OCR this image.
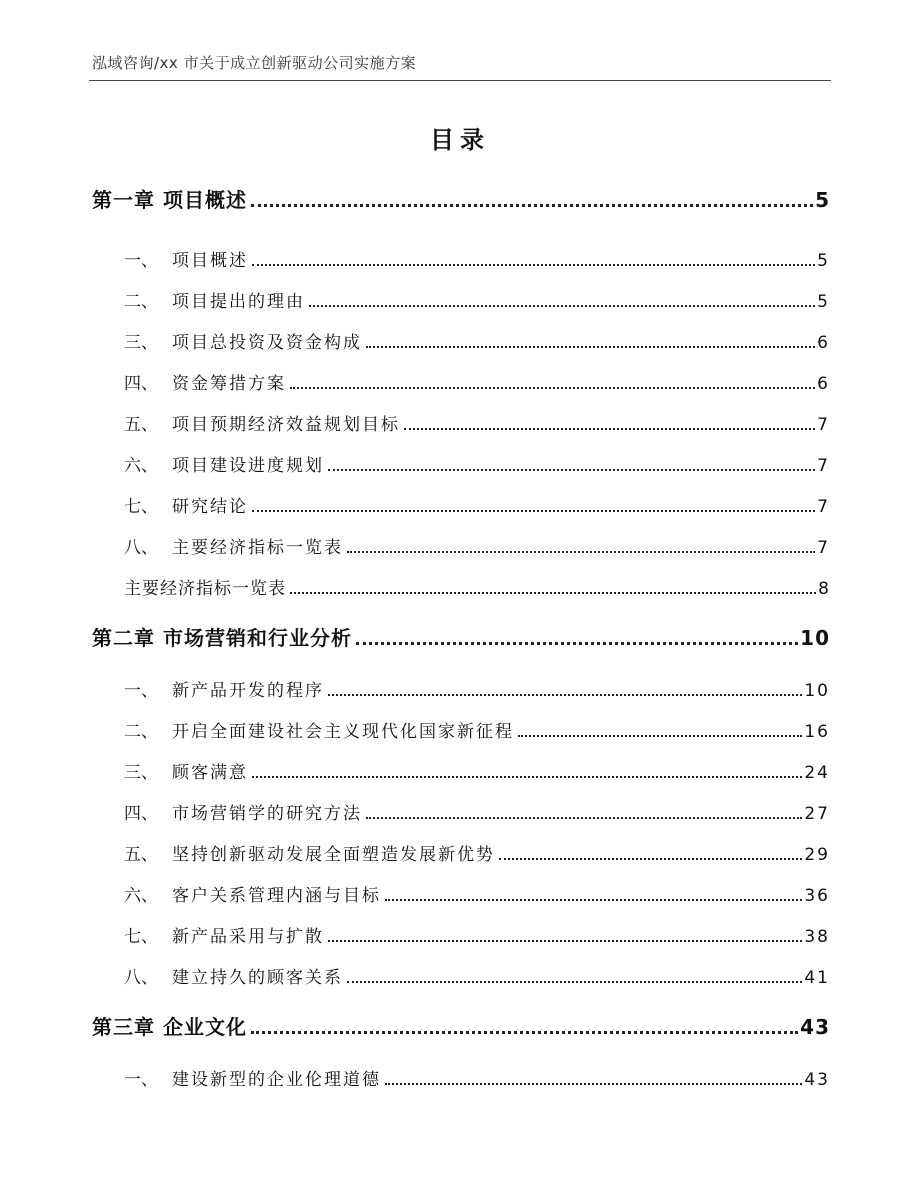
泓域咨询/xx 市关于成立创新驱动公司实施方案
目录
第一章 项目概述	5
一、 项目概述	5
二、 项目提出的理由	5
三、 项目总投资及资金构成	6
四、 资金筹措方案	6
五、 项目预期经济效益规划目标	7
六、 项目建设进度规划	7
七、 研究结论	7
八、 主要经济指标一览表	7
主要经济指标一览表	8
第二章 市场营销和行业分析	10
一、 新产品开发的程序	10
二、 开启全面建设社会主义现代化国家新征程	16
三、 顾客满意	24
四、 市场营销学的研究方法	27
五、 坚持创新驱动发展全面塑造发展新优势	29
六、 客户关系管理内涵与目标	36
七、 新产品采用与扩散	38
八、 建立持久的顾客关系	41
第三章 企业文化	43
一、 建设新型的企业伦理道德	43
